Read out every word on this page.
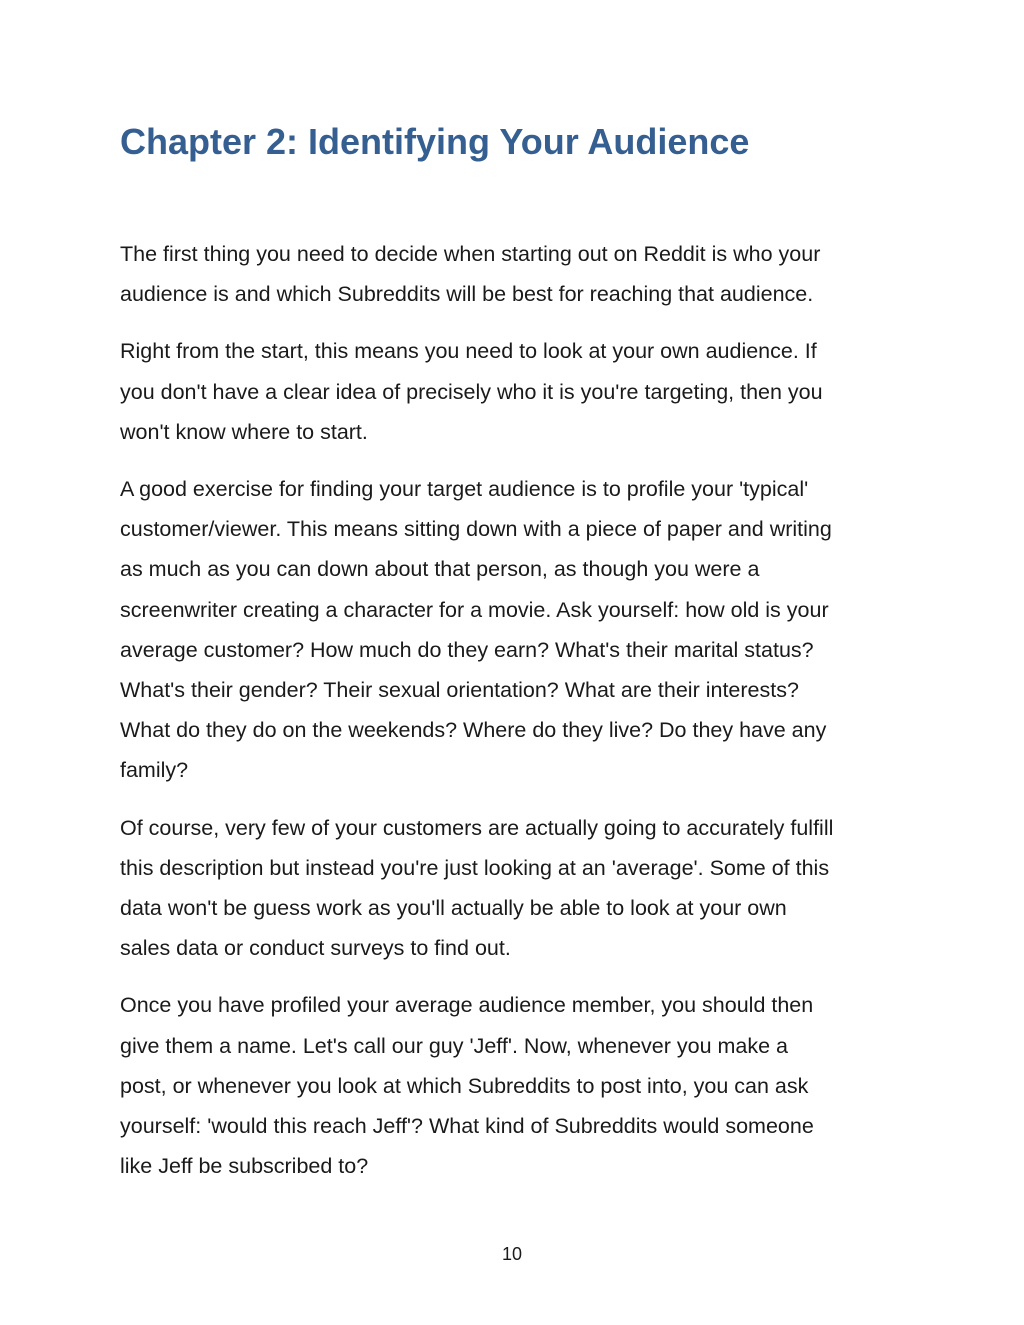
Chapter 2: Identifying Your Audience

The first thing you need to decide when starting out on Reddit is who your
audience is and which Subreddits will be best for reaching that audience.

Right from the start, this means you need to look at your own audience. If
you don't have a clear idea of precisely who it is you're targeting, then you
won't know where to start.

A good exercise for finding your target audience is to profile your 'typical'
customer/viewer. This means sitting down with a piece of paper and writing
as much as you can down about that person, as though you were a
screenwriter creating a character for a movie. Ask yourself: how old is your
average customer? How much do they earn? What's their marital status?
What's their gender? Their sexual orientation? What are their interests?
What do they do on the weekends? Where do they live? Do they have any
family?

Of course, very few of your customers are actually going to accurately fulfill
this description but instead you're just looking at an 'average'. Some of this
data won't be guess work as you'll actually be able to look at your own
sales data or conduct surveys to find out.

Once you have profiled your average audience member, you should then
give them a name. Let's call our guy 'Jeff'. Now, whenever you make a
post, or whenever you look at which Subreddits to post into, you can ask
yourself: 'would this reach Jeff'? What kind of Subreddits would someone
like Jeff be subscribed to?

10
